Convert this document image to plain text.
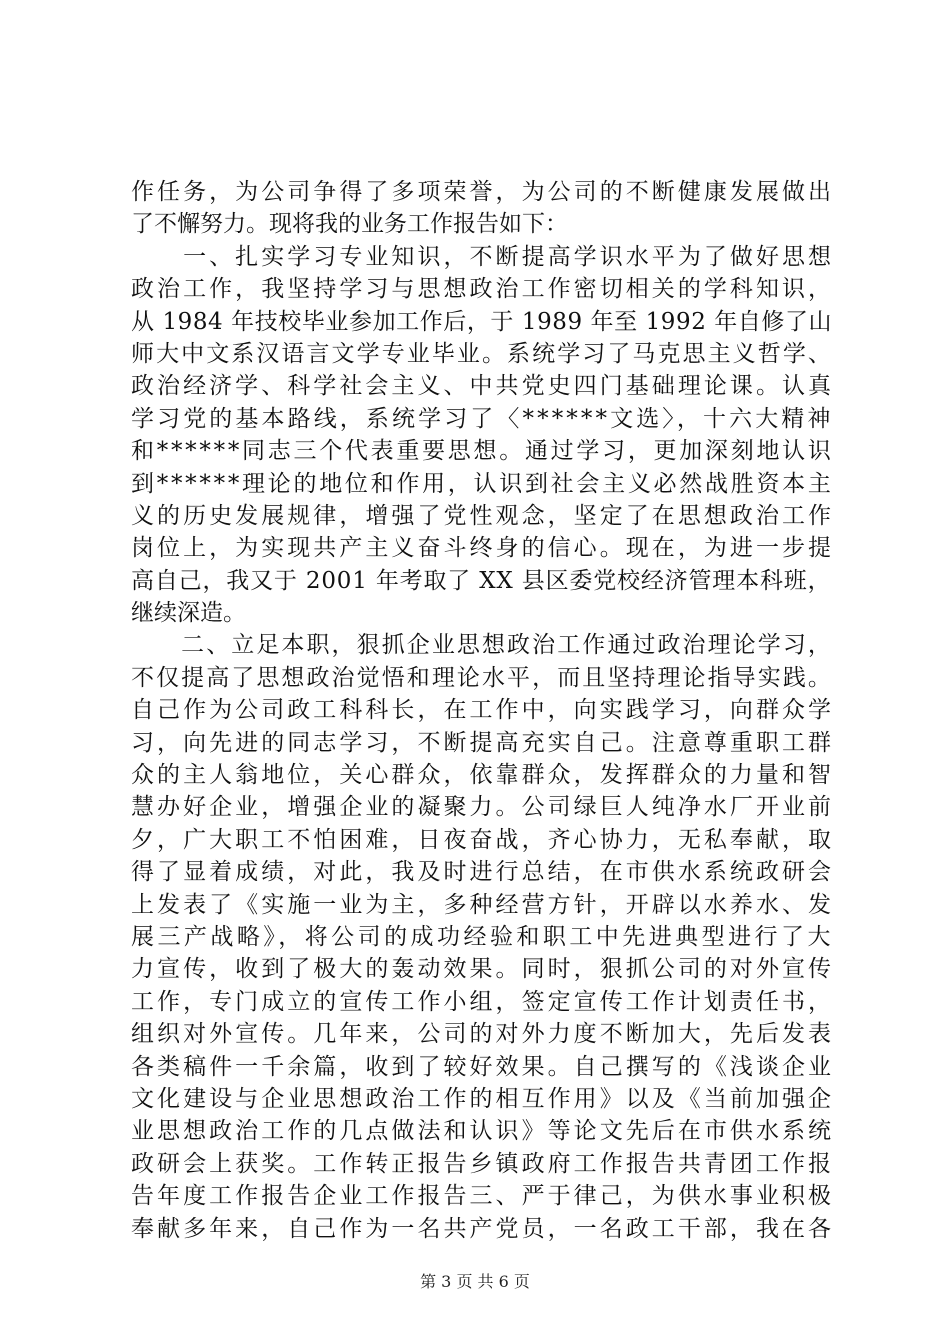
作任务，为公司争得了多项荣誉，为公司的不断健康发展做出
了不懈努力。现将我的业务工作报告如下：
　　一、扎实学习专业知识，不断提高学识水平为了做好思想
政治工作，我坚持学习与思想政治工作密切相关的学科知识，
从 1984 年技校毕业参加工作后，于 1989 年至 1992 年自修了山
师大中文系汉语言文学专业毕业。系统学习了马克思主义哲学、
政治经济学、科学社会主义、中共党史四门基础理论课。认真
学习党的基本路线，系统学习了〈******文选〉，十六大精神
和******同志三个代表重要思想。通过学习，更加深刻地认识
到******理论的地位和作用，认识到社会主义必然战胜资本主
义的历史发展规律，增强了党性观念，坚定了在思想政治工作
岗位上，为实现共产主义奋斗终身的信心。现在，为进一步提
高自己，我又于 2001 年考取了 XX 县区委党校经济管理本科班，
继续深造。
　　二、立足本职，狠抓企业思想政治工作通过政治理论学习，
不仅提高了思想政治觉悟和理论水平，而且坚持理论指导实践。
自己作为公司政工科科长，在工作中，向实践学习，向群众学
习，向先进的同志学习，不断提高充实自己。注意尊重职工群
众的主人翁地位，关心群众，依靠群众，发挥群众的力量和智
慧办好企业，增强企业的凝聚力。公司绿巨人纯净水厂开业前
夕，广大职工不怕困难，日夜奋战，齐心协力，无私奉献，取
得了显着成绩，对此，我及时进行总结，在市供水系统政研会
上发表了《实施一业为主，多种经营方针，开辟以水养水、发
展三产战略》，将公司的成功经验和职工中先进典型进行了大
力宣传，收到了极大的轰动效果。同时，狠抓公司的对外宣传
工作，专门成立的宣传工作小组，签定宣传工作计划责任书，
组织对外宣传。几年来，公司的对外力度不断加大，先后发表
各类稿件一千余篇，收到了较好效果。自己撰写的《浅谈企业
文化建设与企业思想政治工作的相互作用》以及《当前加强企
业思想政治工作的几点做法和认识》等论文先后在市供水系统
政研会上获奖。工作转正报告乡镇政府工作报告共青团工作报
告年度工作报告企业工作报告三、严于律己，为供水事业积极
奉献多年来，自己作为一名共产党员，一名政工干部，我在各
第 3 页 共 6 页
